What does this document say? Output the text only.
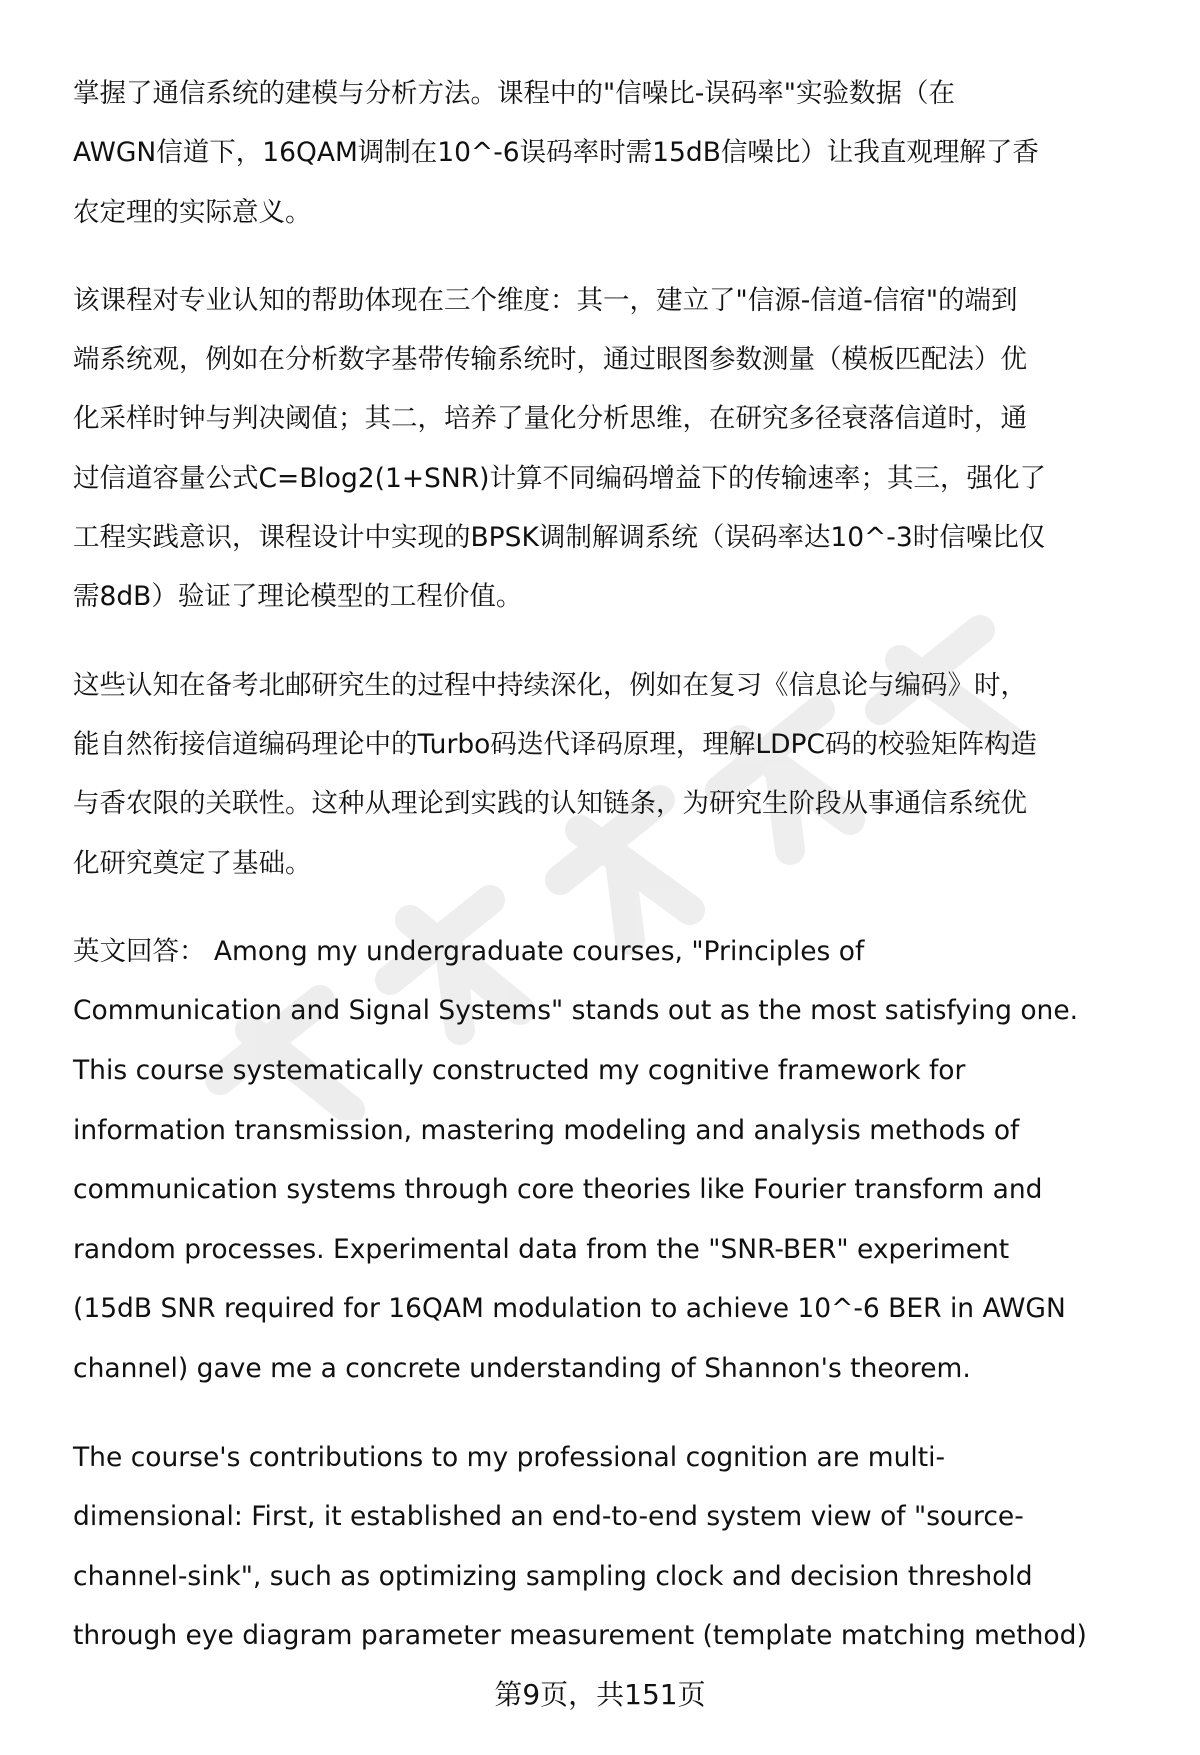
掌握了通信系统的建模与分析方法。课程中的"信噪比-误码率"实验数据（在
AWGN信道下，16QAM调制在10^-6误码率时需15dB信噪比）让我直观理解了香
农定理的实际意义。

该课程对专业认知的帮助体现在三个维度：其一，建立了"信源-信道-信宿"的端到
端系统观，例如在分析数字基带传输系统时，通过眼图参数测量（模板匹配法）优
化采样时钟与判决阈值；其二，培养了量化分析思维，在研究多径衰落信道时，通
过信道容量公式C=Blog2(1+SNR)计算不同编码增益下的传输速率；其三，强化了
工程实践意识，课程设计中实现的BPSK调制解调系统（误码率达10^-3时信噪比仅
需8dB）验证了理论模型的工程价值。

这些认知在备考北邮研究生的过程中持续深化，例如在复习《信息论与编码》时，
能自然衔接信道编码理论中的Turbo码迭代译码原理，理解LDPC码的校验矩阵构造
与香农限的关联性。这种从理论到实践的认知链条，为研究生阶段从事通信系统优
化研究奠定了基础。

英文回答： Among my undergraduate courses, "Principles of
Communication and Signal Systems" stands out as the most satisfying one.
This course systematically constructed my cognitive framework for
information transmission, mastering modeling and analysis methods of
communication systems through core theories like Fourier transform and
random processes. Experimental data from the "SNR-BER" experiment
(15dB SNR required for 16QAM modulation to achieve 10^-6 BER in AWGN
channel) gave me a concrete understanding of Shannon's theorem.

The course's contributions to my professional cognition are multi-
dimensional: First, it established an end-to-end system view of "source-
channel-sink", such as optimizing sampling clock and decision threshold
through eye diagram parameter measurement (template matching method)

第9页，共151页
